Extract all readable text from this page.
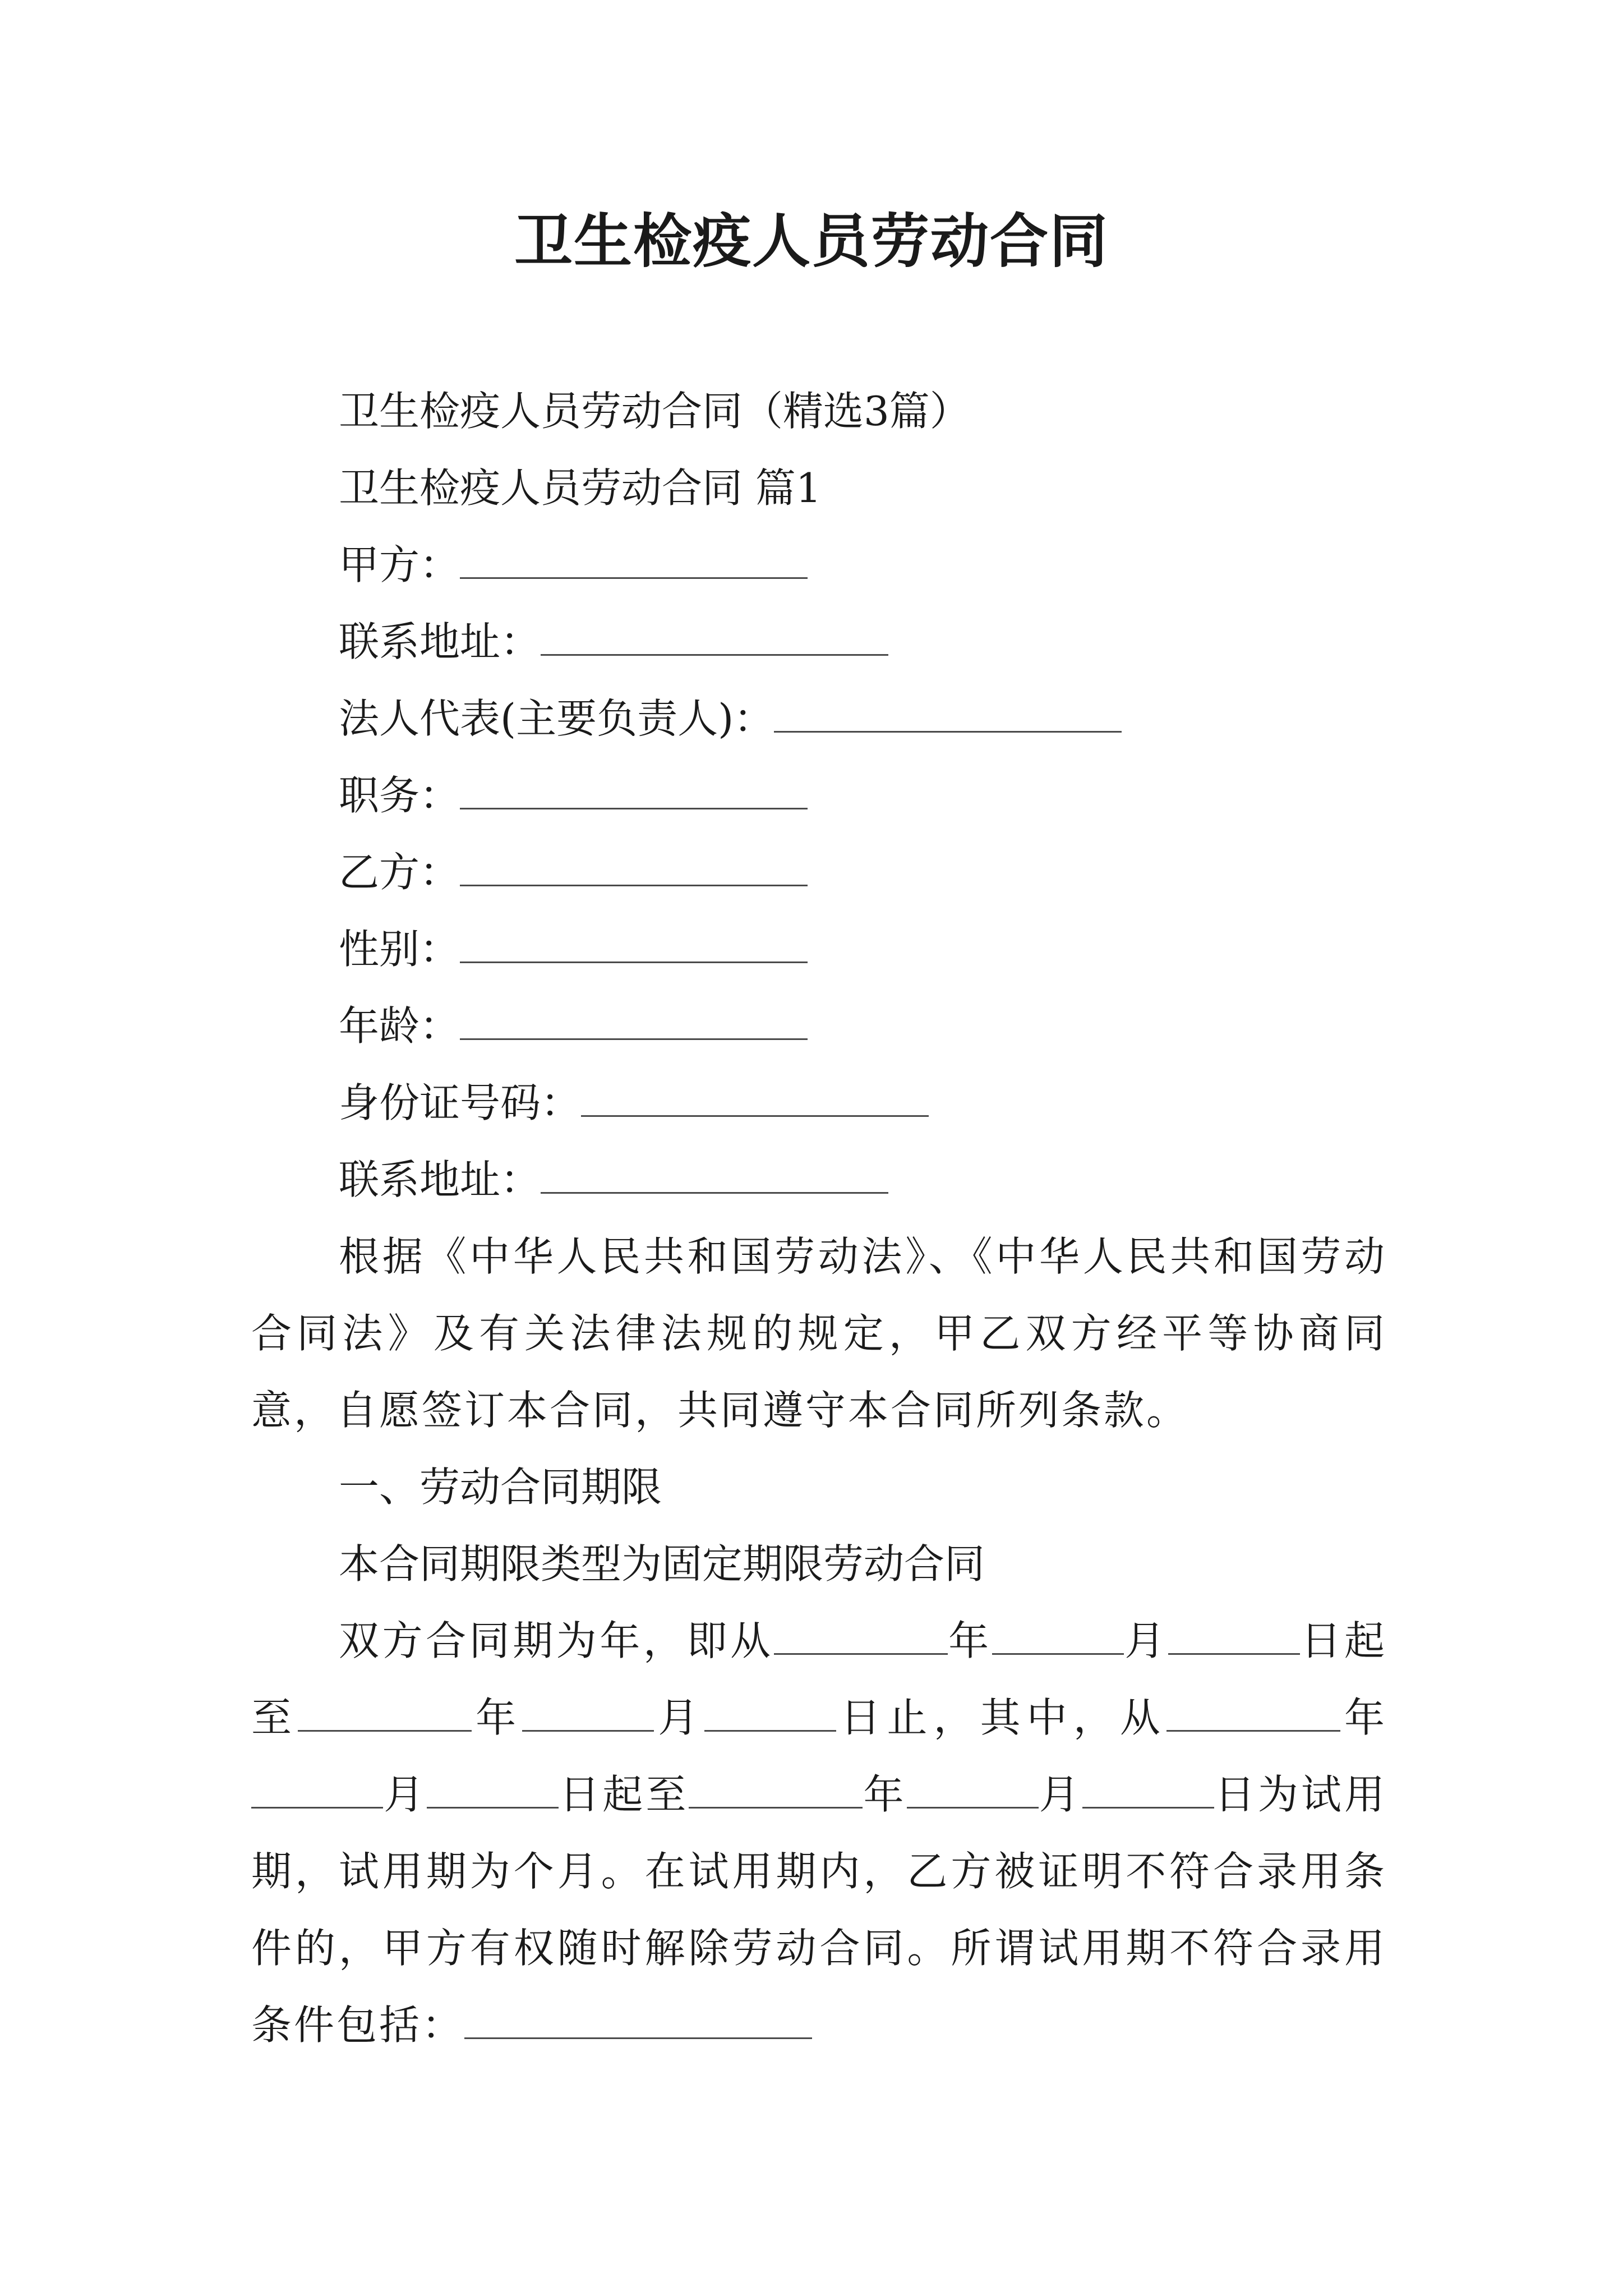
卫生检疫人员劳动合同
卫生检疫人员劳动合同（精选3篇）
卫生检疫人员劳动合同 篇1
甲方：
联系地址：
法人代表(主要负责人)：
职务：
乙方：
性别：
年龄：
身份证号码：
联系地址：
根据《中华人民共和国劳动法》、《中华人民共和国劳动合同法》及有关法律法规的规定，甲乙双方经平等协商同意，自愿签订本合同，共同遵守本合同所列条款。
一、劳动合同期限
本合同期限类型为固定期限劳动合同
双方合同期为年，即从	年	月	日起至	年	月	日止，其中，从	年月	日起至	年	月	日为试用期，试用期为个月。在试用期内，乙方被证明不符合录用条件的，甲方有权随时解除劳动合同。所谓试用期不符合录用条件包括：
